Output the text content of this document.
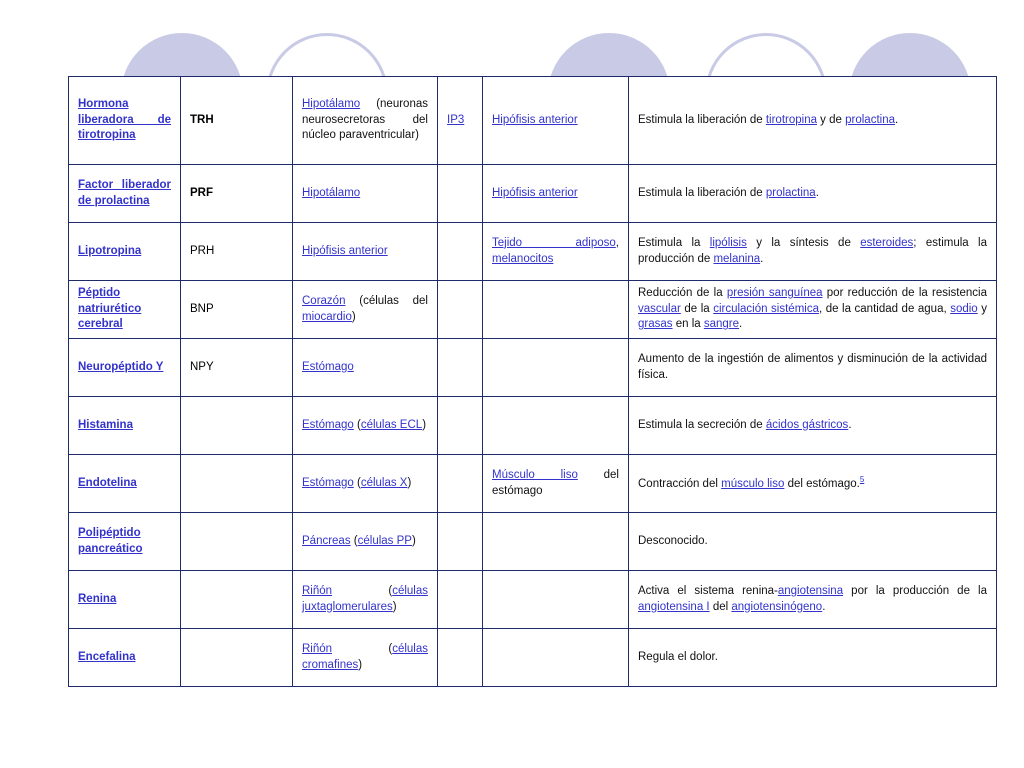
Hormona liberadora de tirotropina	TRH	Hipotálamo (neuronas neurosecretoras del núcleo paraventricular)	IP3	Hipófisis anterior	Estimula la liberación de tirotropina y de prolactina.
Factor liberador de prolactina	PRF	Hipotálamo		Hipófisis anterior	Estimula la liberación de prolactina.
Lipotropina	PRH	Hipófisis anterior		Tejido adiposo, melanocitos	Estimula la lipólisis y la síntesis de esteroides; estimula la producción de melanina.
Péptido natriurético cerebral	BNP	Corazón (células del miocardio)			Reducción de la presión sanguínea por reducción de la resistencia vascular de la circulación sistémica, de la cantidad de agua, sodio y grasas en la sangre.
Neuropéptido Y	NPY	Estómago			Aumento de la ingestión de alimentos y disminución de la actividad física.
Histamina		Estómago (células ECL)			Estimula la secreción de ácidos gástricos.
Endotelina		Estómago (células X)		Músculo liso del estómago	Contracción del músculo liso del estómago.$^5$
Polipéptido pancreático		Páncreas (células PP)			Desconocido.
Renina		Riñón (células juxtaglomerulares)			Activa el sistema renina-angiotensina por la producción de la angiotensina I del angiotensinógeno.
Encefalina		Riñón (células cromafines)			Regula el dolor.
